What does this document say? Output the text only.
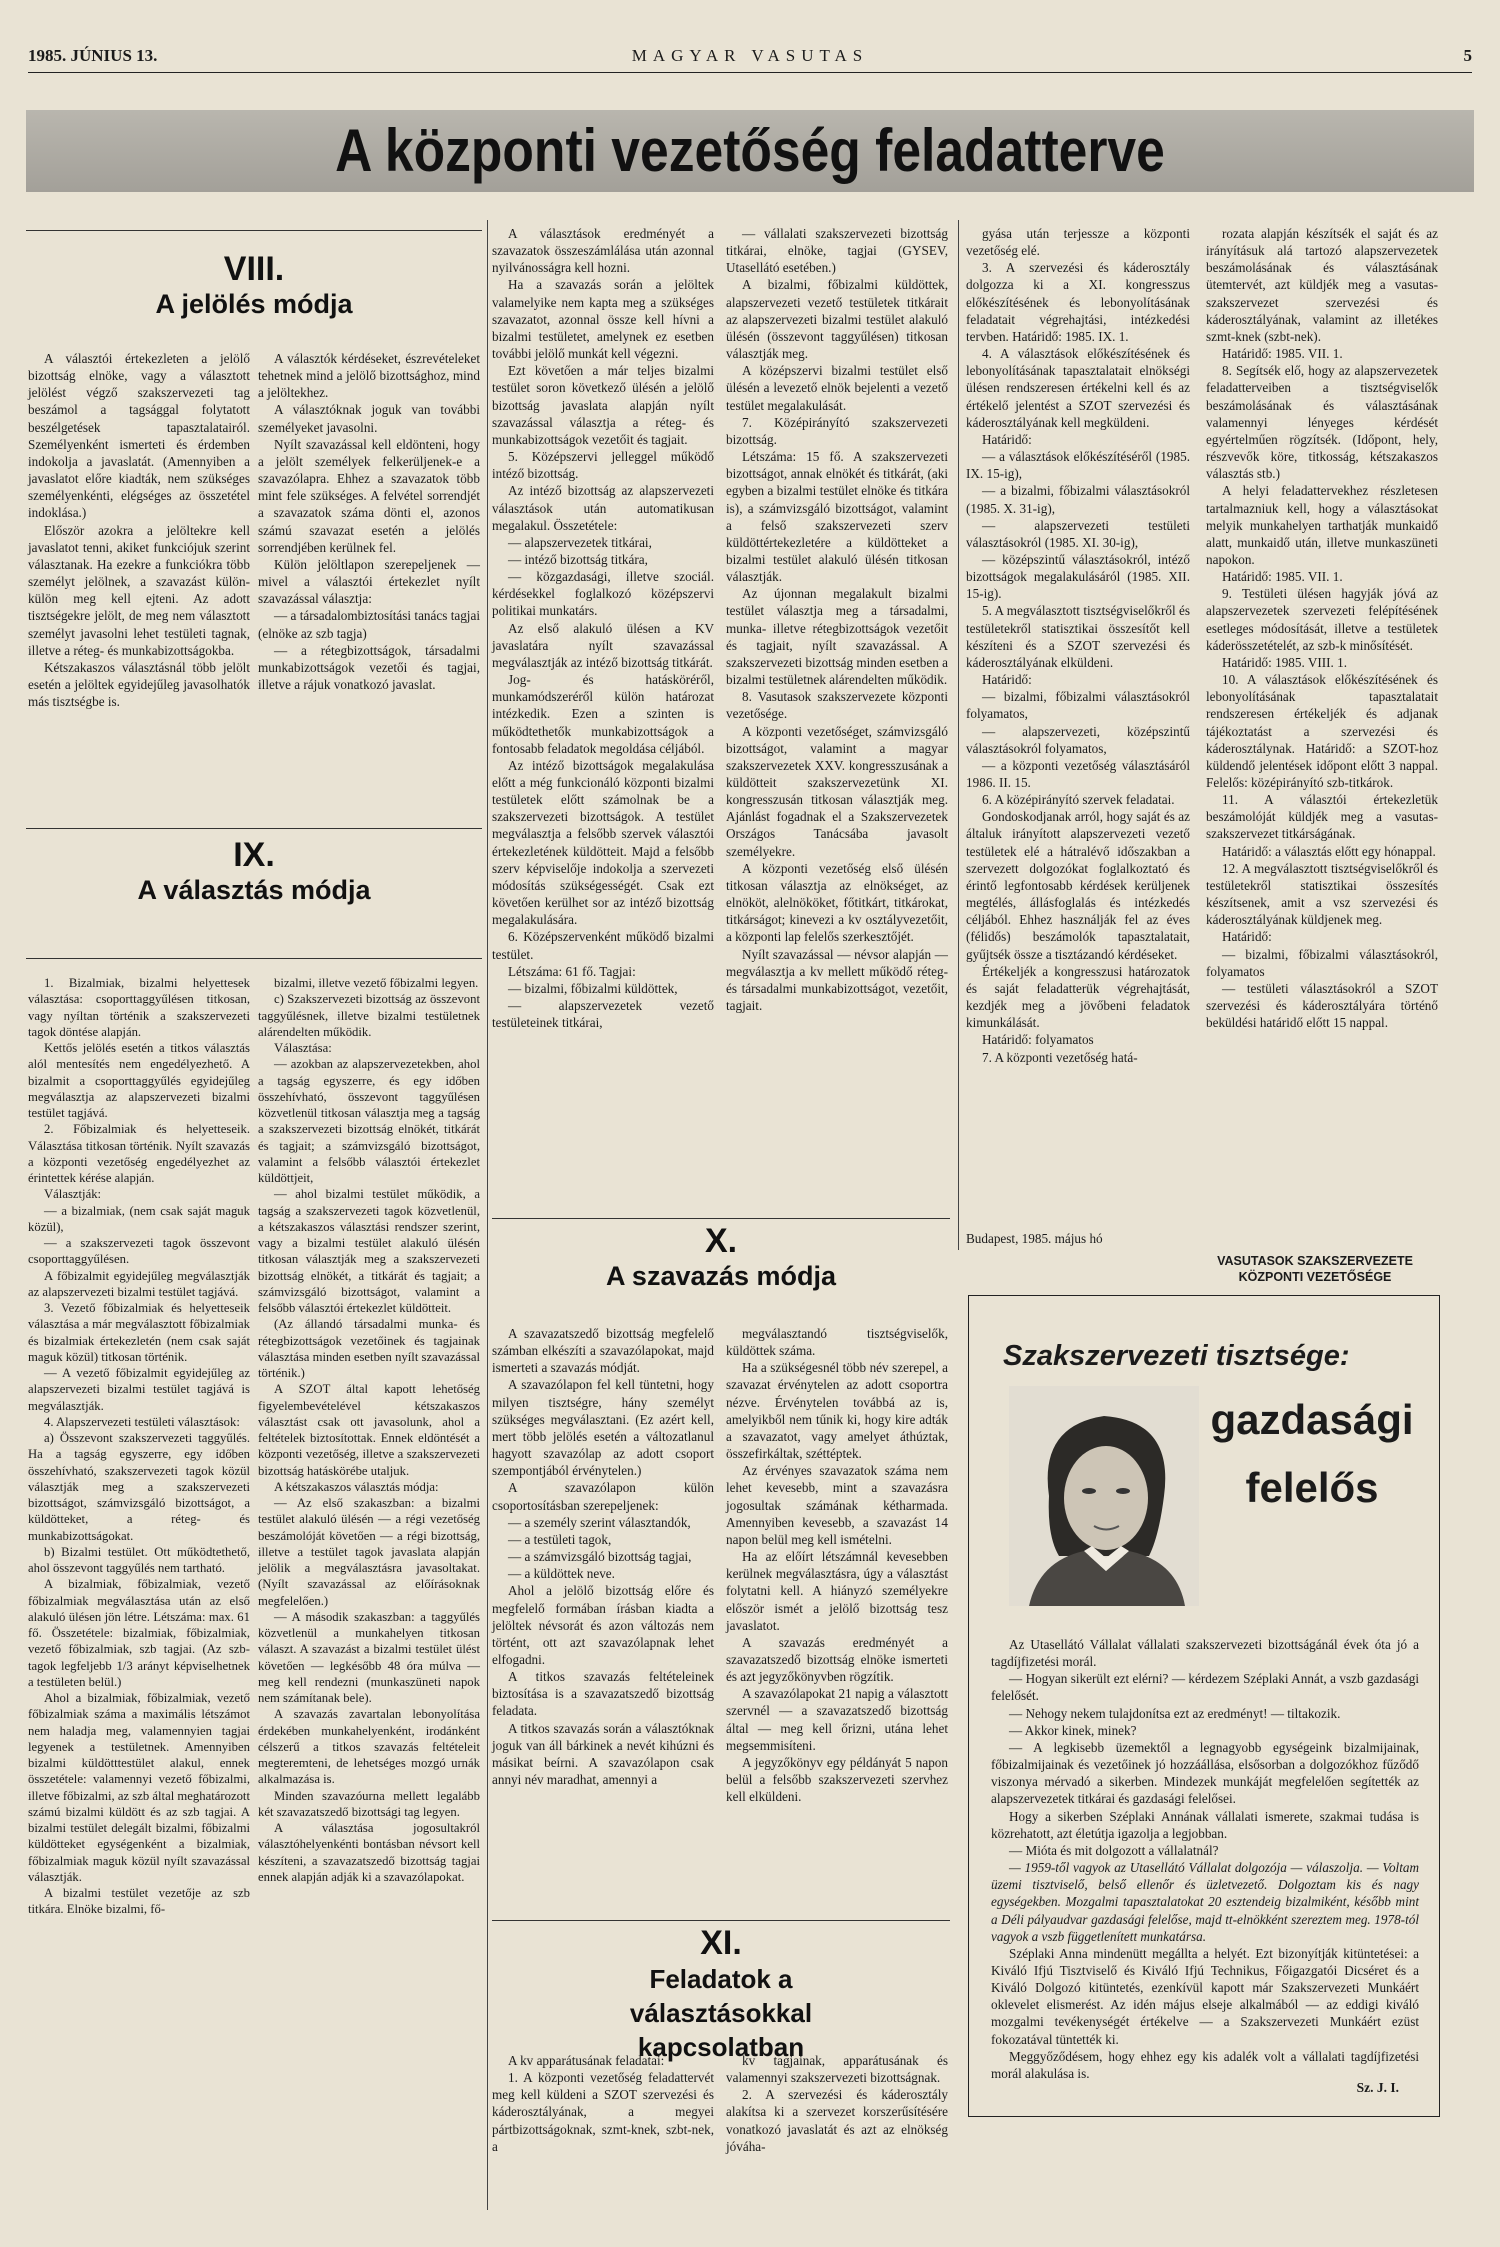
1985. JÚNIUS 13.	MAGYAR VASUTAS	5
A központi vezetőség feladatterve
VIII.
A jelölés módja

A választói értekezleten a jelölő bizottság elnöke, vagy a választott jelölést végző szakszervezeti tag beszámol a tagsággal folytatott beszélgetések tapasztalatairól. Személyenként ismerteti és érdemben indokolja a javaslatát. (Amennyiben a javaslatot előre kiadták, nem szükséges személyenkénti, elégséges az összetétel indoklása.)

Először azokra a jelöltekre kell javaslatot tenni, akiket funkciójuk szerint választanak. Ha ezekre a funkciókra több személyt jelölnek, a szavazást külön-külön meg kell ejteni. Az adott tisztségekre jelölt, de meg nem választott személyt javasolni lehet testületi tagnak, illetve a réteg- és munkabizottságokba.

Kétszakaszos választásnál több jelölt esetén a jelöltek egyidejűleg javasolhatók más tisztségbe is.

A választók kérdéseket, észrevételeket tehetnek mind a jelölő bizottsághoz, mind a jelöltekhez.

A választóknak joguk van további személyeket javasolni.

Nyílt szavazással kell eldönteni, hogy a jelölt személyek felkerüljenek-e a szavazólapra. Ehhez a szavazatok több mint fele szükséges. A felvétel sorrendjét a szavazatok száma dönti el, azonos számú szavazat esetén a jelölés sorrendjében kerülnek fel.

Külön jelöltlapon szerepeljenek — mivel a választói értekezlet nyílt szavazással választja:

— a társadalombiztosítási tanács tagjai (elnöke az szb tagja)

— a rétegbizottságok, társadalmi munkabizottságok vezetői és tagjai, illetve a rájuk vonatkozó javaslat.

IX.
A választás módja

1. Bizalmiak, bizalmi helyettesek választása: csoporttaggyűlésen titkosan, vagy nyíltan történik a szakszervezeti tagok döntése alapján.

Kettős jelölés esetén a titkos választás alól mentesítés nem engedélyezhető. A bizalmit a csoporttaggyűlés egyidejűleg megválasztja az alapszervezeti bizalmi testület tagjává.

2. Főbizalmiak és helyetteseik. Választása titkosan történik. Nyílt szavazás a központi vezetőség engedélyezhet az érintettek kérése alapján.

Választják:

— a bizalmiak, (nem csak saját maguk közül),

— a szakszervezeti tagok összevont csoporttaggyűlésen.

A főbizalmit egyidejűleg megválasztják az alapszervezeti bizalmi testület tagjává.

3. Vezető főbizalmiak és helyetteseik választása a már megválasztott főbizalmiak és bizalmiak értekezletén (nem csak saját maguk közül) titkosan történik.

— A vezető főbizalmit egyidejűleg az alapszervezeti bizalmi testület tagjává is megválasztják.

4. Alapszervezeti testületi választások:

a) Összevont szakszervezeti taggyűlés. Ha a tagság egyszerre, egy időben összehívható, szakszervezeti tagok közül választják meg a szakszervezeti bizottságot, számvizsgáló bizottságot, a küldötteket, a réteg- és munkabizottságokat.

b) Bizalmi testület. Ott működtethető, ahol összevont taggyűlés nem tartható.

A bizalmiak, főbizalmiak, vezető főbizalmiak megválasztása után az első alakuló ülésen jön létre. Létszáma: max. 61 fő. Összetétele: bizalmiak, főbizalmiak, vezető főbizalmiak, szb tagjai. (Az szb-tagok legfeljebb 1/3 arányt képviselhetnek a testületen belül.)

Ahol a bizalmiak, főbizalmiak, vezető főbizalmiak száma a maximális létszámot nem haladja meg, valamennyien tagjai legyenek a testületnek. Amennyiben bizalmi küldötttestület alakul, ennek összetétele: valamennyi vezető főbizalmi, illetve főbizalmi, az szb által meghatározott számú bizalmi küldött és az szb tagjai. A bizalmi testület delegált bizalmi, főbizalmi küldötteket egységenként a bizalmiak, főbizalmiak maguk közül nyílt szavazással választják.

A bizalmi testület vezetője az szb titkára. Elnöke bizalmi, fő-

bizalmi, illetve vezető főbizalmi legyen.

c) Szakszervezeti bizottság az összevont taggyűlésnek, illetve bizalmi testületnek alárendelten működik.

Választása:

— azokban az alapszervezetekben, ahol a tagság egyszerre, és egy időben összehívható, összevont taggyűlésen közvetlenül titkosan választja meg a tagság a szakszervezeti bizottság elnökét, titkárát és tagjait; a számvizsgáló bizottságot, valamint a felsőbb választói értekezlet küldöttjeit,

— ahol bizalmi testület működik, a tagság a szakszervezeti tagok közvetlenül, a kétszakaszos választási rendszer szerint, vagy a bizalmi testület alakuló ülésén titkosan választják meg a szakszervezeti bizottság elnökét, a titkárát és tagjait; a számvizsgáló bizottságot, valamint a felsőbb választói értekezlet küldötteit.

(Az állandó társadalmi munka- és rétegbizottságok vezetőinek és tagjainak választása minden esetben nyílt szavazással történik.)

A SZOT által kapott lehetőség figyelembevételével kétszakaszos választást csak ott javasolunk, ahol a feltételek biztosítottak. Ennek eldöntését a központi vezetőség, illetve a szakszervezeti bizottság hatáskörébe utaljuk.

A kétszakaszos választás módja:

— Az első szakaszban: a bizalmi testület alakuló ülésén — a régi vezetőség beszámolóját követően — a régi bizottság, illetve a testület tagok javaslata alapján jelölik a megválasztásra javasoltakat. (Nyílt szavazással az előírásoknak megfelelően.)

— A második szakaszban: a taggyűlés közvetlenül a munkahelyen titkosan választ. A szavazást a bizalmi testület ülést követően — legkésőbb 48 óra múlva — meg kell rendezni (munkaszüneti napok nem számítanak bele).

A szavazás zavartalan lebonyolítása érdekében munkahelyenként, irodánként célszerű a titkos szavazás feltételeit megteremteni, de lehetséges mozgó urnák alkalmazása is.

Minden szavazóurna mellett legalább két szavazatszedő bizottsági tag legyen.

A választása jogosultakról választóhelyenkénti bontásban névsort kell készíteni, a szavazatszedő bizottság tagjai ennek alapján adják ki a szavazólapokat.

A választások eredményét a szavazatok összeszámlálása után azonnal nyilvánosságra kell hozni.

Ha a szavazás során a jelöltek valamelyike nem kapta meg a szükséges szavazatot, azonnal össze kell hívni a bizalmi testületet, amelynek ez esetben további jelölő munkát kell végezni.

Ezt követően a már teljes bizalmi testület soron következő ülésén a jelölő bizottság javaslata alapján nyílt szavazással választja a réteg- és munkabizottságok vezetőit és tagjait.

5. Középszervi jelleggel működő intéző bizottság.

Az intéző bizottság az alapszervezeti választások után automatikusan megalakul. Összetétele:

— alapszervezetek titkárai,

— intéző bizottság titkára,

— közgazdasági, illetve szociál. kérdésekkel foglalkozó középszervi politikai munkatárs.

Az első alakuló ülésen a KV javaslatára nyílt szavazással megválasztják az intéző bizottság titkárát.

Jog- és hatásköréről, munkamódszeréről külön határozat intézkedik. Ezen a szinten is működtethetők munkabizottságok a fontosabb feladatok megoldása céljából.

Az intéző bizottságok megalakulása előtt a még funkcionáló központi bizalmi testületek előtt számolnak be a szakszervezeti bizottságok. A testület megválasztja a felsőbb szervek választói értekezletének küldötteit. Majd a felsőbb szerv képviselője indokolja a szervezeti módosítás szükségességét. Csak ezt követően kerülhet sor az intéző bizottság megalakulására.

6. Középszervenként működő bizalmi testület.

Létszáma: 61 fő. Tagjai:

— bizalmi, főbizalmi küldöttek,

— alapszervezetek vezető testületeinek titkárai,

— vállalati szakszervezeti bizottság titkárai, elnöke, tagjai (GYSEV, Utasellátó esetében.)

A bizalmi, főbizalmi küldöttek, alapszervezeti vezető testületek titkárait az alapszervezeti bizalmi testület alakuló ülésén (összevont taggyűlésen) titkosan választják meg.

A középszervi bizalmi testület első ülésén a levezető elnök bejelenti a vezető testület megalakulását.

7. Középirányító szakszervezeti bizottság.

Létszáma: 15 fő. A szakszervezeti bizottságot, annak elnökét és titkárát, (aki egyben a bizalmi testület elnöke és titkára is), a számvizsgáló bizottságot, valamint a felső szakszervezeti szerv küldöttértekezletére a küldötteket a bizalmi testület alakuló ülésén titkosan választják.

Az újonnan megalakult bizalmi testület választja meg a társadalmi, munka- illetve rétegbizottságok vezetőit és tagjait, nyílt szavazással. A szakszervezeti bizottság minden esetben a bizalmi testületnek alárendelten működik.

8. Vasutasok szakszervezete központi vezetősége.

A központi vezetőséget, számvizsgáló bizottságot, valamint a magyar szakszervezetek XXV. kongresszusának a küldötteit szakszervezetünk XI. kongresszusán titkosan választják meg. Ajánlást fogadnak el a Szakszervezetek Országos Tanácsába javasolt személyekre.

A központi vezetőség első ülésén titkosan választja az elnökséget, az elnököt, alelnököket, főtitkárt, titkárokat, titkárságot; kinevezi a kv osztályvezetőit, a központi lap felelős szerkesztőjét.

Nyílt szavazással — névsor alapján — megválasztja a kv mellett működő réteg- és társadalmi munkabizottságot, vezetőit, tagjait.

gyása után terjessze a központi vezetőség elé.

3. A szervezési és káderosztály dolgozza ki a XI. kongresszus előkészítésének és lebonyolításának feladatait végrehajtási, intézkedési tervben. Határidő: 1985. IX. 1.

4. A választások előkészítésének és lebonyolításának tapasztalatait elnökségi ülésen rendszeresen értékelni kell és az értékelő jelentést a SZOT szervezési és káderosztályának kell megküldeni.

Határidő:

— a választások előkészítéséről (1985. IX. 15-ig),

— a bizalmi, főbizalmi választásokról (1985. X. 31-ig),

— alapszervezeti testületi választásokról (1985. XI. 30-ig),

— középszintű választásokról, intéző bizottságok megalakulásáról (1985. XII. 15-ig).

5. A megválasztott tisztségviselőkről és testületekről statisztikai összesítőt kell készíteni és a SZOT szervezési és káderosztályának elküldeni.

Határidő:

— bizalmi, főbizalmi választásokról folyamatos,

— alapszervezeti, középszintű választásokról folyamatos,

— a központi vezetőség választásáról 1986. II. 15.

6. A középirányító szervek feladatai.

Gondoskodjanak arról, hogy saját és az általuk irányított alapszervezeti vezető testületek elé a hátralévő időszakban a szervezett dolgozókat foglalkoztató és érintő legfontosabb kérdések kerüljenek megtélés, állásfoglalás és intézkedés céljából. Ehhez használják fel az éves (félidős) beszámolók tapasztalatait, gyűjtsék össze a tisztázandó kérdéseket.

Értékeljék a kongresszusi határozatok és saját feladatterük végrehajtását, kezdjék meg a jövőbeni feladatok kimunkálását.

Határidő: folyamatos

7. A központi vezetőség hatá-

rozata alapján készítsék el saját és az irányításuk alá tartozó alapszervezetek beszámolásának és választásának ütemtervét, azt küldjék meg a vasutas-szakszervezet szervezési és káderosztályának, valamint az illetékes szmt-knek (szbt-nek).

Határidő: 1985. VII. 1.

8. Segítsék elő, hogy az alapszervezetek feladatterveiben a tisztségviselők beszámolásának és választásának valamennyi lényeges kérdését egyértelműen rögzítsék. (Időpont, hely, részvevők köre, titkosság, kétszakaszos választás stb.)

A helyi feladattervekhez részletesen tartalmazniuk kell, hogy a választásokat melyik munkahelyen tarthatják munkaidő alatt, munkaidő után, illetve munkaszüneti napokon.

Határidő: 1985. VII. 1.

9. Testületi ülésen hagyják jóvá az alapszervezetek szervezeti felépítésének esetleges módosítását, illetve a testületek káderösszetételét, az szb-k minősítését.

Határidő: 1985. VIII. 1.

10. A választások előkészítésének és lebonyolításának tapasztalatait rendszeresen értékeljék és adjanak tájékoztatást a szervezési és káderosztálynak. Határidő: a SZOT-hoz küldendő jelentések időpont előtt 3 nappal. Felelős: középirányító szb-titkárok.

11. A választói értekezletük beszámolóját küldjék meg a vasutas-szakszervezet titkárságának.

Határidő: a választás előtt egy hónappal.

12. A megválasztott tisztségviselőkről és testületekről statisztikai összesítés készítsenek, amit a vsz szervezési és káderosztályának küldjenek meg.

Határidő:

— bizalmi, főbizalmi választásokról, folyamatos

— testületi választásokról a SZOT szervezési és káderosztályára történő beküldési határidő előtt 15 nappal.

Budapest, 1985. május hó

VASUTASOK SZAKSZERVEZETE
KÖZPONTI VEZETŐSÉGE
X.
A szavazás módja

A szavazatszedő bizottság megfelelő számban elkészíti a szavazólapokat, majd ismerteti a szavazás módját.

A szavazólapon fel kell tüntetni, hogy milyen tisztségre, hány személyt szükséges megválasztani. (Ez azért kell, mert több jelölés esetén a változatlanul hagyott szavazólap az adott csoport szempontjából érvénytelen.)

A szavazólapon külön csoportosításban szerepeljenek:

— a személy szerint választandók,

— a testületi tagok,

— a számvizsgáló bizottság tagjai,

— a küldöttek neve.

Ahol a jelölő bizottság előre és megfelelő formában írásban kiadta a jelöltek névsorát és azon változás nem történt, ott azt szavazólapnak lehet elfogadni.

A titkos szavazás feltételeinek biztosítása is a szavazatszedő bizottság feladata.

A titkos szavazás során a választóknak joguk van áll bárkinek a nevét kihúzni és másikat beírni. A szavazólapon csak annyi név maradhat, amennyi a

megválasztandó tisztségviselők, küldöttek száma.

Ha a szükségesnél több név szerepel, a szavazat érvénytelen az adott csoportra nézve. Érvénytelen továbbá az is, amelyikből nem tűnik ki, hogy kire adták a szavazatot, vagy amelyet áthúztak, összefirkáltak, széttéptek.

Az érvényes szavazatok száma nem lehet kevesebb, mint a szavazásra jogosultak számának kétharmada. Amennyiben kevesebb, a szavazást 14 napon belül meg kell ismételni.

Ha az előírt létszámnál kevesebben kerülnek megválasztásra, úgy a választást folytatni kell. A hiányzó személyekre először ismét a jelölő bizottság tesz javaslatot.

A szavazás eredményét a szavazatszedő bizottság elnöke ismerteti és azt jegyzőkönyvben rögzítik.

A szavazólapokat 21 napig a választott szervnél — a szavazatszedő bizottság által — meg kell őrizni, utána lehet megsemmisíteni.

A jegyzőkönyv egy példányát 5 napon belül a felsőbb szakszervezeti szervhez kell elküldeni.

XI.
Feladatok a választásokkal kapcsolatban

A kv apparátusának feladatai:

1. A központi vezetőség feladattervét meg kell küldeni a SZOT szervezési és káderosztályának, a megyei pártbizottságoknak, szmt-knek, szbt-nek, a

kv tagjainak, apparátusának és valamennyi szakszervezeti bizottságnak.

2. A szervezési és káderosztály alakítsa ki a szervezet korszerűsítésére vonatkozó javaslatát és azt az elnökség jóváha-

Szakszervezeti tisztsége:
gazdasági
felelős

Az Utasellátó Vállalat vállalati szakszervezeti bizottságánál évek óta jó a tagdíjfizetési morál.

— Hogyan sikerült ezt elérni? — kérdezem Széplaki Annát, a vszb gazdasági felelősét.

— Nehogy nekem tulajdonítsa ezt az eredményt! — tiltakozik.

— Akkor kinek, minek?

— A legkisebb üzemektől a legnagyobb egységeink bizalmijainak, főbizalmijainak és vezetőinek jó hozzáállása, elsősorban a dolgozókhoz fűződő viszonya mérvadó a sikerben. Mindezek munkáját megfelelően segítették az alapszervezetek titkárai és gazdasági felelősei.

Hogy a sikerben Széplaki Annának vállalati ismerete, szakmai tudása is közrehatott, azt életútja igazolja a legjobban.

— Mióta és mit dolgozott a vállalatnál?

— 1959-től vagyok az Utasellátó Vállalat dolgozója — válaszolja. — Voltam üzemi tisztviselő, belső ellenőr és üzletvezető. Dolgoztam kis és nagy egységekben. Mozgalmi tapasztalatokat 20 esztendeig bizalmiként, később mint a Déli pályaudvar gazdasági felelőse, majd tt-elnökként szereztem meg. 1978-tól vagyok a vszb függetlenített munkatársa.

Széplaki Anna mindenütt megállta a helyét. Ezt bizonyítják kitüntetései: a Kiváló Ifjú Tisztviselő és Kiváló Ifjú Technikus, Főigazgatói Dicséret és a Kiváló Dolgozó kitüntetés, ezenkívül kapott már Szakszervezeti Munkáért oklevelet elismerést. Az idén május elseje alkalmából — az eddigi kiváló mozgalmi tevékenységét értékelve — a Szakszervezeti Munkáért ezüst fokozatával tüntették ki.

Meggyőződésem, hogy ehhez egy kis adalék volt a vállalati tagdíjfizetési morál alakulása is.

Sz. J. I.
